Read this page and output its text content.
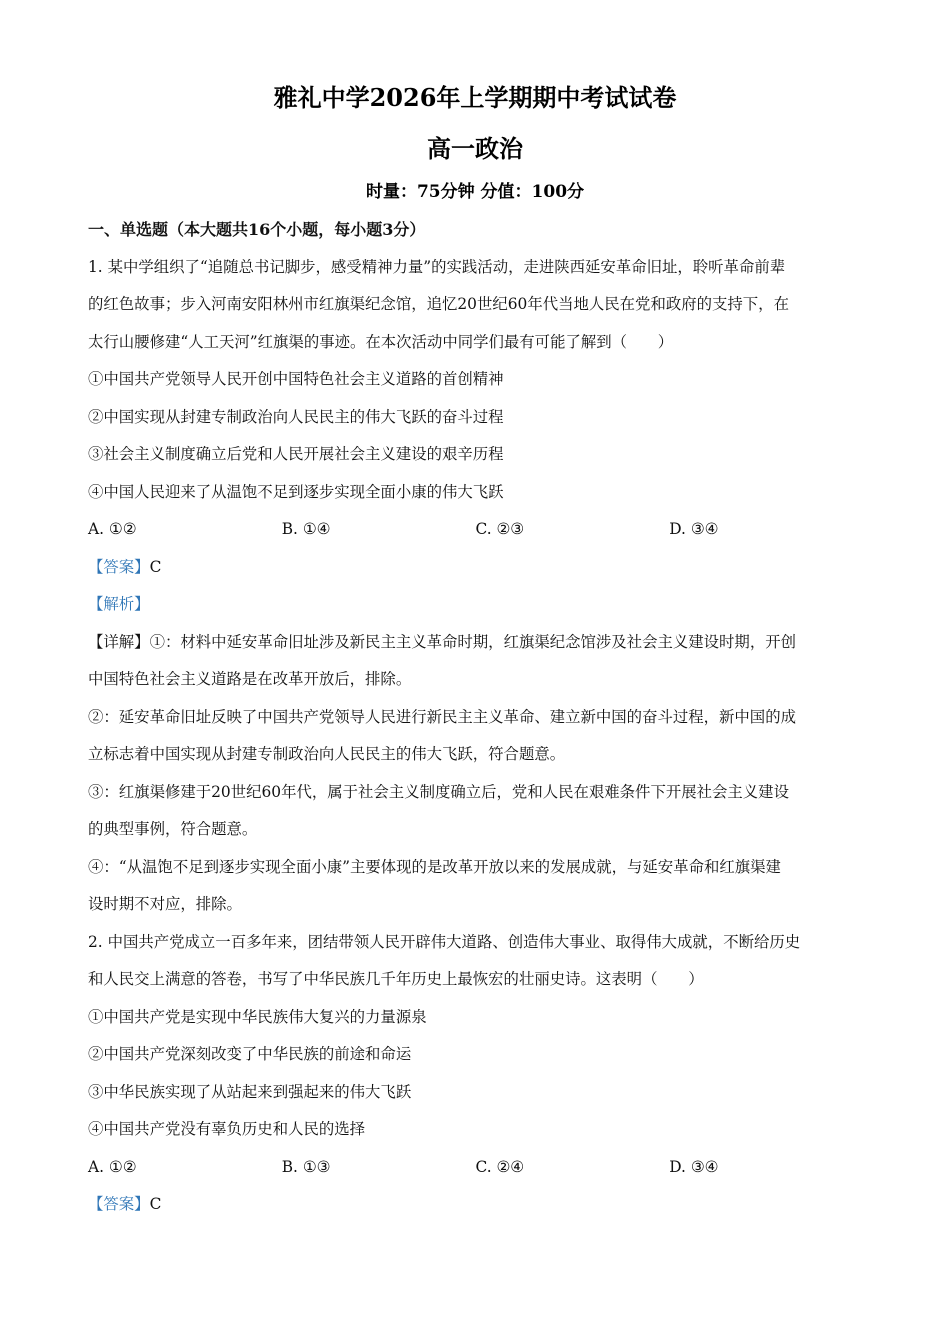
雅礼中学2026年上学期期中考试试卷
高一政治
时量：75分钟 分值：100分
一、单选题（本大题共16个小题，每小题3分）
1. 某中学组织了“追随总书记脚步，感受精神力量”的实践活动，走进陕西延安革命旧址，聆听革命前辈
的红色故事；步入河南安阳林州市红旗渠纪念馆，追忆20世纪60年代当地人民在党和政府的支持下，在
太行山腰修建“人工天河”红旗渠的事迹。在本次活动中同学们最有可能了解到（　　）
①中国共产党领导人民开创中国特色社会主义道路的首创精神
②中国实现从封建专制政治向人民民主的伟大飞跃的奋斗过程
③社会主义制度确立后党和人民开展社会主义建设的艰辛历程
④中国人民迎来了从温饱不足到逐步实现全面小康的伟大飞跃
A. ①②	B. ①④	C. ②③	D. ③④
【答案】C
【解析】
【详解】①：材料中延安革命旧址涉及新民主主义革命时期，红旗渠纪念馆涉及社会主义建设时期，开创
中国特色社会主义道路是在改革开放后，排除。
②：延安革命旧址反映了中国共产党领导人民进行新民主主义革命、建立新中国的奋斗过程，新中国的成
立标志着中国实现从封建专制政治向人民民主的伟大飞跃，符合题意。
③：红旗渠修建于20世纪60年代，属于社会主义制度确立后，党和人民在艰难条件下开展社会主义建设
的典型事例，符合题意。
④：“从温饱不足到逐步实现全面小康”主要体现的是改革开放以来的发展成就，与延安革命和红旗渠建
设时期不对应，排除。
2. 中国共产党成立一百多年来，团结带领人民开辟伟大道路、创造伟大事业、取得伟大成就，不断给历史
和人民交上满意的答卷，书写了中华民族几千年历史上最恢宏的壮丽史诗。这表明（　　）
①中国共产党是实现中华民族伟大复兴的力量源泉
②中国共产党深刻改变了中华民族的前途和命运
③中华民族实现了从站起来到强起来的伟大飞跃
④中国共产党没有辜负历史和人民的选择
A. ①②	B. ①③	C. ②④	D. ③④
【答案】C
